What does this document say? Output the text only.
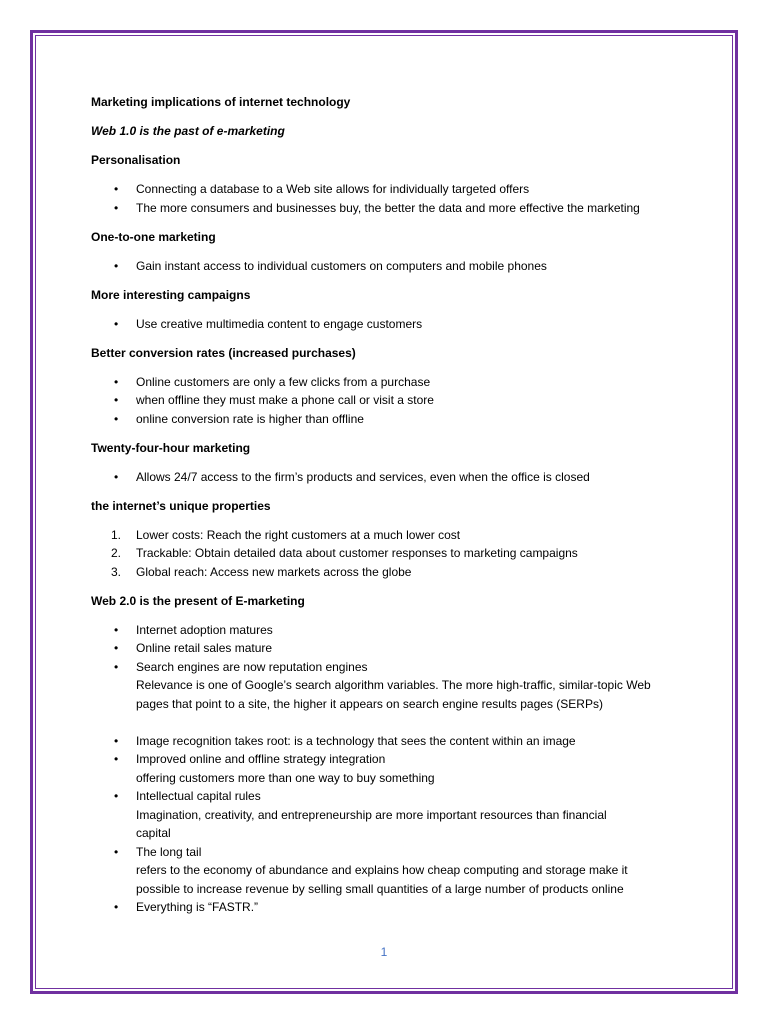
Marketing implications of internet technology

Web 1.0 is the past of e-marketing

Personalisation

• Connecting a database to a Web site allows for individually targeted offers
• The more consumers and businesses buy, the better the data and more effective the marketing

One-to-one marketing

• Gain instant access to individual customers on computers and mobile phones

More interesting campaigns

• Use creative multimedia content to engage customers

Better conversion rates (increased purchases)

• Online customers are only a few clicks from a purchase
• when offline they must make a phone call or visit a store
• online conversion rate is higher than offline

Twenty-four-hour marketing

• Allows 24/7 access to the firm’s products and services, even when the office is closed

the internet’s unique properties

1. Lower costs: Reach the right customers at a much lower cost
2. Trackable: Obtain detailed data about customer responses to marketing campaigns
3. Global reach: Access new markets across the globe

Web 2.0 is the present of E-marketing

• Internet adoption matures
• Online retail sales mature
• Search engines are now reputation engines
Relevance is one of Google’s search algorithm variables. The more high-traffic, similar-topic Web
pages that point to a site, the higher it appears on search engine results pages (SERPs)
• Image recognition takes root: is a technology that sees the content within an image
• Improved online and offline strategy integration
offering customers more than one way to buy something
• Intellectual capital rules
Imagination, creativity, and entrepreneurship are more important resources than financial
capital
• The long tail
refers to the economy of abundance and explains how cheap computing and storage make it
possible to increase revenue by selling small quantities of a large number of products online
• Everything is “FASTR.”
1
